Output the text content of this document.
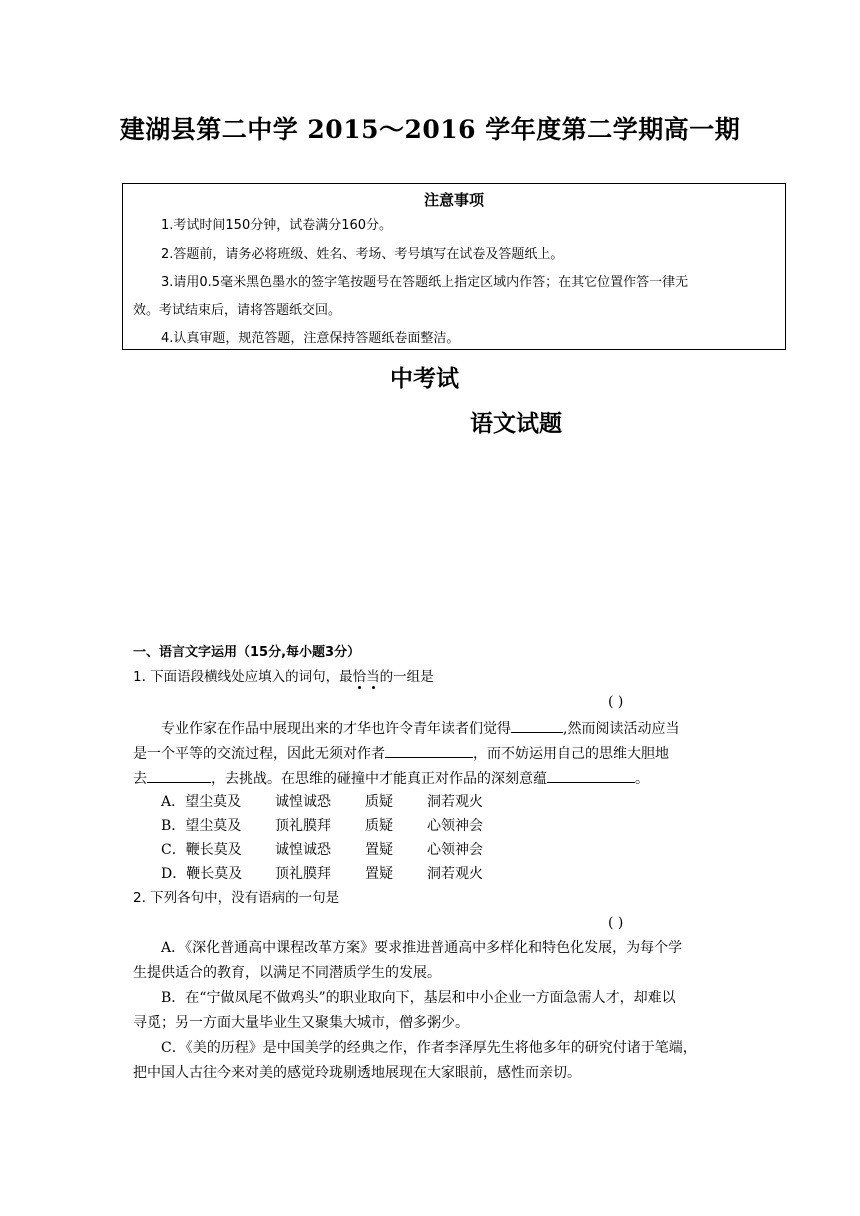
建湖县第二中学 2015～2016 学年度第二学期高一期
注意事项

1.考试时间150分钟，试卷满分160分。

2.答题前，请务必将班级、姓名、考场、考号填写在试卷及答题纸上。

3.请用0.5毫米黑色墨水的签字笔按题号在答题纸上指定区域内作答；在其它位置作答一律无

效。考试结束后，请将答题纸交回。

4.认真审题，规范答题，注意保持答题纸卷面整洁。

中考试
语文试题
一、语言文字运用（15分,每小题3分）
1. 下面语段横线处应填入的词句，最恰当
的一组是
( )
专业作家在作品中展现出来的才华也许令青年读者们觉得	,然而阅读活动应当
是一个平等的交流过程，因此无须对作者	，而不妨运用自己的思维大胆地
去	，去挑战。在思维的碰撞中才能真正对作品的深刻意蕴	。
A．望尘莫及 诚惶诚恐 质疑 洞若观火
B．望尘莫及 顶礼膜拜 质疑 心领神会
C．鞭长莫及 诚惶诚恐 置疑 心领神会
D．鞭长莫及 顶礼膜拜 置疑 洞若观火
2. 下列各句中，没有语病的一句是
( )
A．《深化普通高中课程改革方案》要求推进普通高中多样化和特色化发展，为每个学
生提供适合的教育，以满足不同潜质学生的发展。
B．在“宁做凤尾不做鸡头”的职业取向下，基层和中小企业一方面急需人才，却难以
寻觅；另一方面大量毕业生又聚集大城市，僧多粥少。
C．《美的历程》是中国美学的经典之作，作者李泽厚先生将他多年的研究付诸于笔端，
把中国人古往今来对美的感觉玲珑剔透地展现在大家眼前，感性而亲切。
